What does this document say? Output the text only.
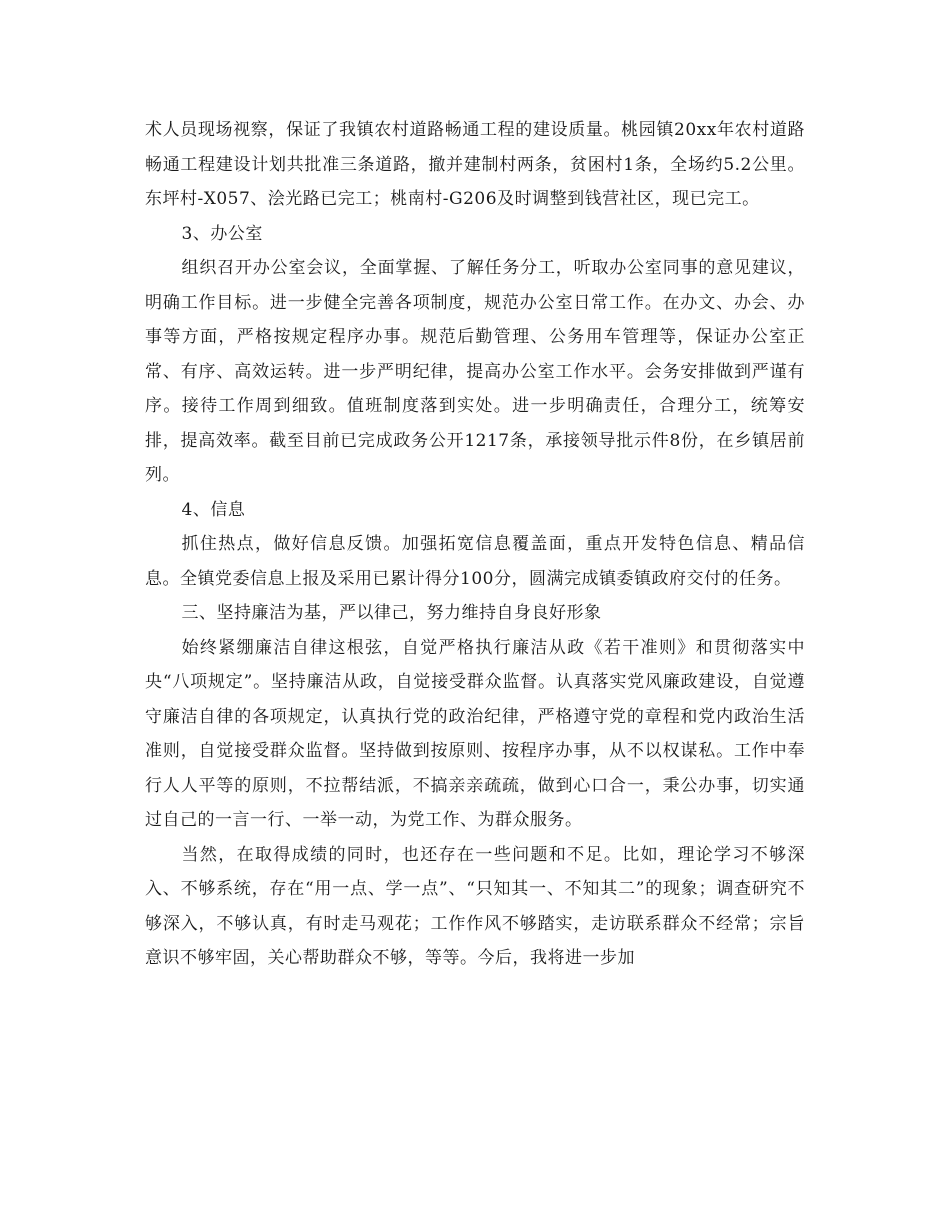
术人员现场视察，保证了我镇农村道路畅通工程的建设质量。桃园镇20xx年农村道路畅通工程建设计划共批准三条道路，撤并建制村两条，贫困村1条，全场约5.2公里。东坪村-X057、浍光路已完工；桃南村-G206及时调整到钱营社区，现已完工。

3、办公室

组织召开办公室会议，全面掌握、了解任务分工，听取办公室同事的意见建议，明确工作目标。进一步健全完善各项制度，规范办公室日常工作。在办文、办会、办事等方面，严格按规定程序办事。规范后勤管理、公务用车管理等，保证办公室正常、有序、高效运转。进一步严明纪律，提高办公室工作水平。会务安排做到严谨有序。接待工作周到细致。值班制度落到实处。进一步明确责任，合理分工，统筹安排，提高效率。截至目前已完成政务公开1217条，承接领导批示件8份，在乡镇居前列。

4、信息

抓住热点，做好信息反馈。加强拓宽信息覆盖面，重点开发特色信息、精品信息。全镇党委信息上报及采用已累计得分100分，圆满完成镇委镇政府交付的任务。

三、坚持廉洁为基，严以律己，努力维持自身良好形象

始终紧绷廉洁自律这根弦，自觉严格执行廉洁从政《若干准则》和贯彻落实中央“八项规定”。坚持廉洁从政，自觉接受群众监督。认真落实党风廉政建设，自觉遵守廉洁自律的各项规定，认真执行党的政治纪律，严格遵守党的章程和党内政治生活准则，自觉接受群众监督。坚持做到按原则、按程序办事，从不以权谋私。工作中奉行人人平等的原则，不拉帮结派，不搞亲亲疏疏，做到心口合一，秉公办事，切实通过自己的一言一行、一举一动，为党工作、为群众服务。

当然，在取得成绩的同时，也还存在一些问题和不足。比如，理论学习不够深入、不够系统，存在“用一点、学一点”、“只知其一、不知其二”的现象；调查研究不够深入，不够认真，有时走马观花；工作作风不够踏实，走访联系群众不经常；宗旨意识不够牢固，关心帮助群众不够，等等。今后，我将进一步加
